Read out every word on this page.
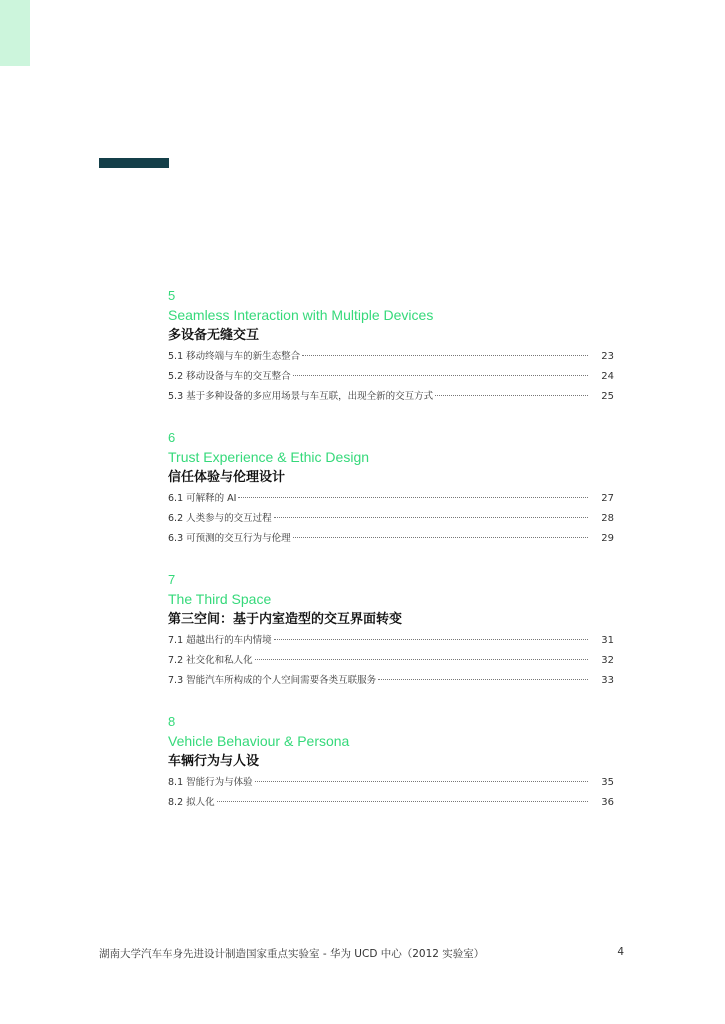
5
Seamless Interaction with Multiple Devices
多设备无缝交互
5.1 移动终端与车的新生态整合	23
5.2 移动设备与车的交互整合	24
5.3 基于多种设备的多应用场景与车互联，出现全新的交互方式	25
6
Trust Experience & Ethic Design
信任体验与伦理设计
6.1 可解释的 AI	27
6.2 人类参与的交互过程	28
6.3 可预测的交互行为与伦理	29
7
The Third Space
第三空间：基于内室造型的交互界面转变
7.1 超越出行的车内情境	31
7.2 社交化和私人化	32
7.3 智能汽车所构成的个人空间需要各类互联服务	33
8
Vehicle Behaviour & Persona
车辆行为与人设
8.1 智能行为与体验	35
8.2 拟人化	36
湖南大学汽车车身先进设计制造国家重点实验室 - 华为 UCD 中心（2012 实验室）	4
